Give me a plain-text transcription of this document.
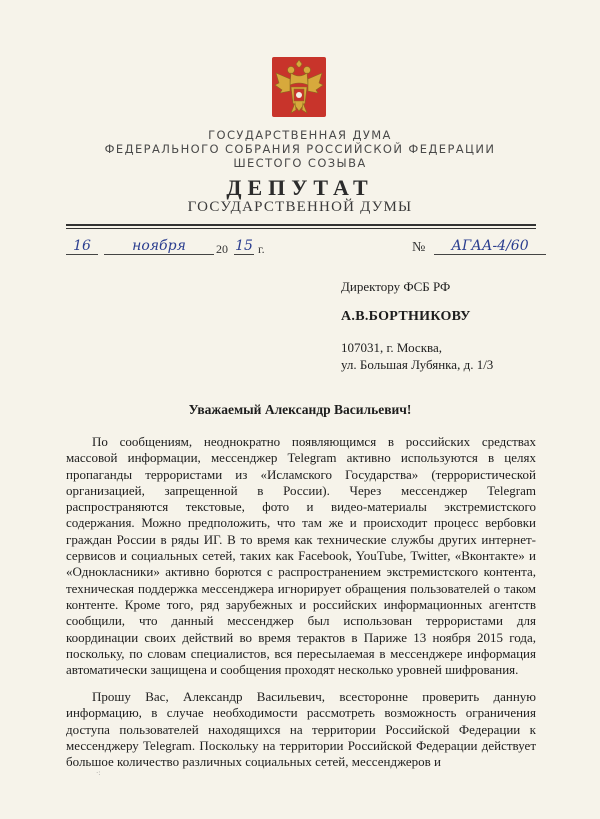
ГОСУДАРСТВЕННАЯ ДУМА
ФЕДЕРАЛЬНОГО СОБРАНИЯ РОССИЙСКОЙ ФЕДЕРАЦИИ
ШЕСТОГО СОЗЫВА
ДЕПУТАТ
ГОСУДАРСТВЕННОЙ ДУМЫ
16	ноября	20 15 г.	№	АГАА-4/60
Директору ФСБ РФ
А.В.БОРТНИКОВУ
107031, г. Москва,
ул. Большая Лубянка, д. 1/3
Уважаемый Александр Васильевич!

По сообщениям, неоднократно появляющимся в российских средствах массовой информации, мессенджер Telegram активно используются в целях пропаганды террористами из «Исламского Государства» (террористической организацией, запрещенной в России). Через мессенджер Telegram распространяются текстовые, фото и видео-материалы экстремистского содержания. Можно предположить, что там же и происходит процесс вербовки граждан России в ряды ИГ. В то время как технические службы других интернет-сервисов и социальных сетей, таких как Facebook, YouTube, Twitter, «Вконтакте» и «Однокласники» активно борются с распространением экстремистского контента, техническая поддержка мессенджера игнорирует обращения пользователей о таком контенте. Кроме того, ряд зарубежных и российских информационных агентств сообщили, что данный мессенджер был использован террористами для координации своих действий во время терактов в Париже 13 ноября 2015 года, поскольку, по словам специалистов, вся пересылаемая в мессенджере информация автоматически защищена и сообщения проходят несколько уровней шифрования.

Прошу Вас, Александр Васильевич, всесторонне проверить данную информацию, в случае необходимости рассмотреть возможность ограничения доступа пользователей находящихся на территории Российской Федерации к мессенджеру Telegram. Поскольку на территории Российской Федерации действует большое количество различных социальных сетей, мессенджеров и

·:
